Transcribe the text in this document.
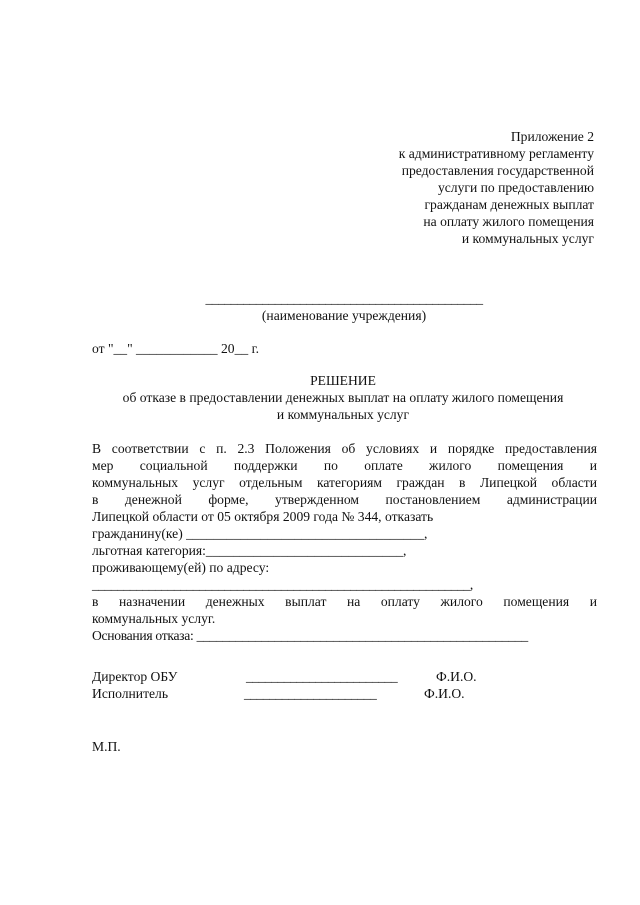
Приложение 2
к административному регламенту
предоставления государственной
услуги по предоставлению
гражданам денежных выплат
на оплату жилого помещения
и коммунальных услуг
____________________________________________
(наименование учреждения)
от "__" ____________ 20__ г.
РЕШЕНИЕ
об отказе в предоставлении денежных выплат на оплату жилого помещения
и коммунальных услуг
В соответствии с п. 2.3 Положения об условиях и порядке предоставления
мер социальной поддержки по оплате жилого помещения и
коммунальных услуг отдельным категориям граждан в Липецкой области
в денежной форме, утвержденном постановлением администрации
Липецкой области от 05 октября 2009 года № 344, отказать
гражданину(ке) ___________________________________,
льготная категория:_____________________________,
проживающему(ей) по адресу:
____________________________________________________________,
в назначении денежных выплат на оплату жилого помещения и
коммунальных услуг.
Основания отказа: ___________________________________________________
Директор ОБУ	________________________	Ф.И.О.
Исполнитель	_____________________	Ф.И.О.
М.П.
